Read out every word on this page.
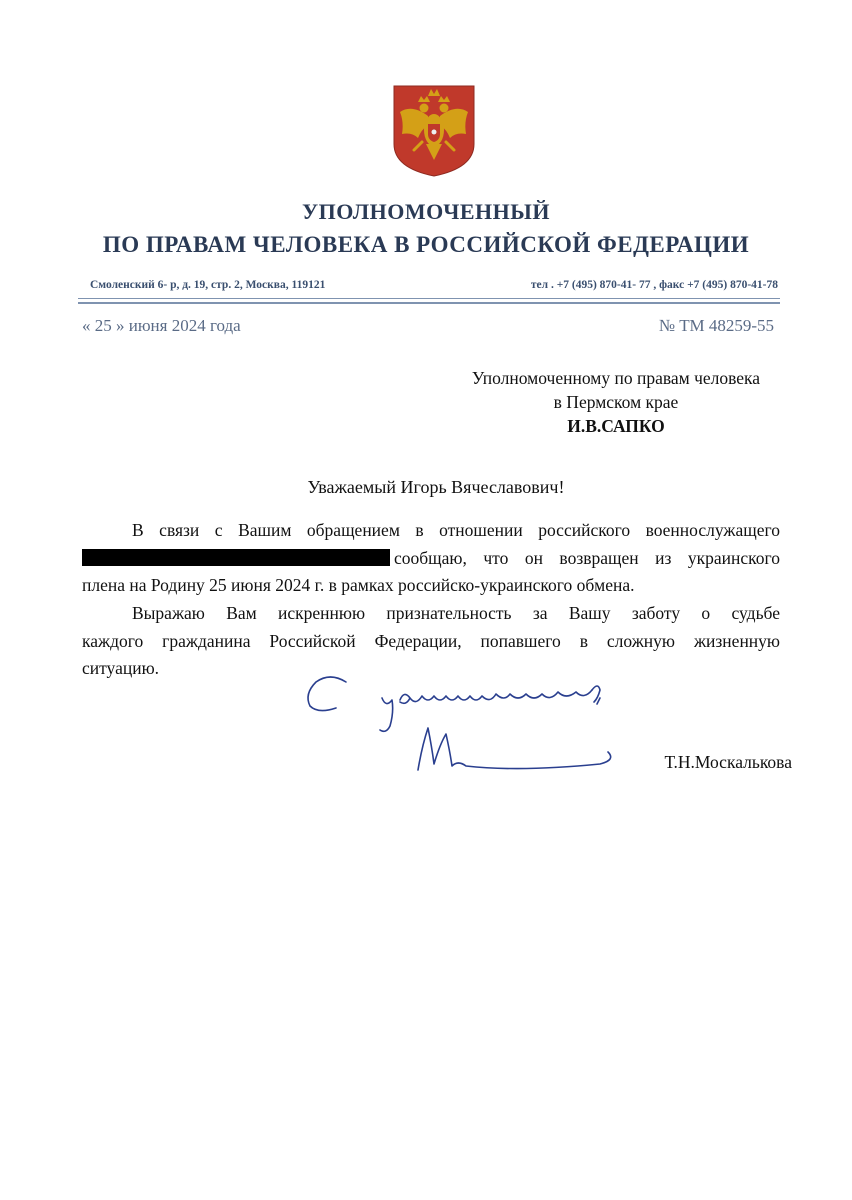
УПОЛНОМОЧЕННЫЙ
ПО ПРАВАМ ЧЕЛОВЕКА В РОССИЙСКОЙ ФЕДЕРАЦИИ
Смоленский 6- р, д. 19, стр. 2, Москва, 119121	тел . +7 (495) 870-41- 77 , факс +7 (495) 870-41-78
« 25 » июня 2024 года	№ ТМ 48259-55
Уполномоченному по правам человека
в Пермском крае
И.В.САПКО
Уважаемый Игорь Вячеславович!
В связи с Вашим обращением в отношении российского военнослужащего
сообщаю, что он возвращен из украинского
плена на Родину 25 июня 2024 г. в рамках российско-украинского обмена.
Выражаю Вам искреннюю признательность за Вашу заботу о судьбе
каждого гражданина Российской Федерации, попавшего в сложную жизненную
ситуацию.
Т.Н.Москалькова
